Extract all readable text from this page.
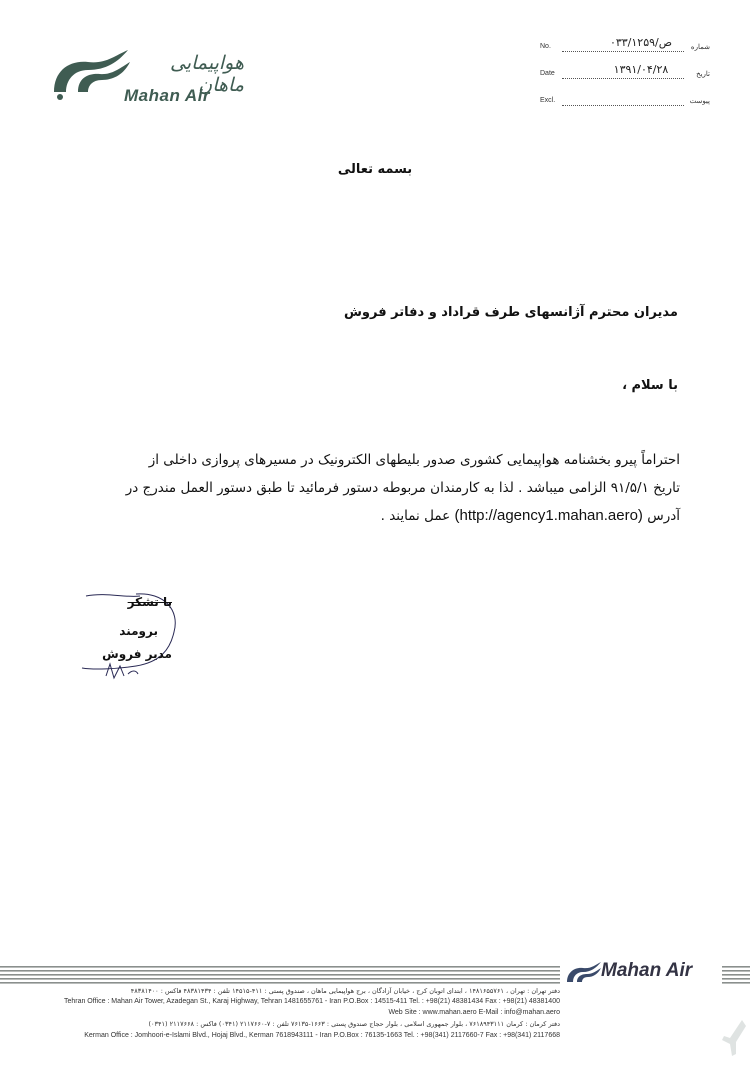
هواپیمایی ماهان
Mahan Air
No.	ص/۰۳۳/۱۲۵۹	شماره
Date	۱۳۹۱/۰۴/۲۸	تاریخ
Excl.	پیوست
بسمه تعالی
مدیران محترم آژانسهای طرف قراداد و دفاتر فروش
با سلام ،
احتراماً پیرو بخشنامه هواپیمایی کشوری صدور بلیطهای الکترونیک در مسیرهای پروازی داخلی از
تاریخ ۹۱/۵/۱ الزامی میباشد . لذا به کارمندان مربوطه دستور فرمائید تا طبق دستور العمل مندرج در
آدرس (http://agency1.mahan.aero) عمل نمایند .
با تشکر
برومند
مدیر فروش
Mahan Air
دفتر تهران : تهران ، ۱۴۸۱۶۵۵۷۶۱ ، ابتدای اتوبان کرج ، خیابان آزادگان ، برج هواپیمایی ماهان ، صندوق پستی : ۴۱۱-۱۴۵۱۵ تلفن : ۴۸۳۸۱۴۳۴ فاکس : ۴۸۳۸۱۴۰۰
Tehran Office : Mahan Air Tower, Azadegan St., Karaj Highway, Tehran 1481655761 - Iran P.O.Box : 14515-411 Tel. : +98(21) 48381434 Fax : +98(21) 48381400
Web Site : www.mahan.aero E-Mail : info@mahan.aero
دفتر کرمان : کرمان ۷۶۱۸۹۴۳۱۱۱ ، بلوار جمهوری اسلامی ، بلوار حجاج صندوق پستی : ۱۶۶۳-۷۶۱۳۵ تلفن : ۷-۲۱۱۷۶۶۰ (۰۳۴۱) فاکس : ۲۱۱۷۶۶۸ (۰۳۴۱)
Kerman Office : Jomhoori-e-Islami Blvd., Hojaj Blvd., Kerman 7618943111 - Iran P.O.Box : 76135-1663 Tel. : +98(341) 2117660-7 Fax : +98(341) 2117668
